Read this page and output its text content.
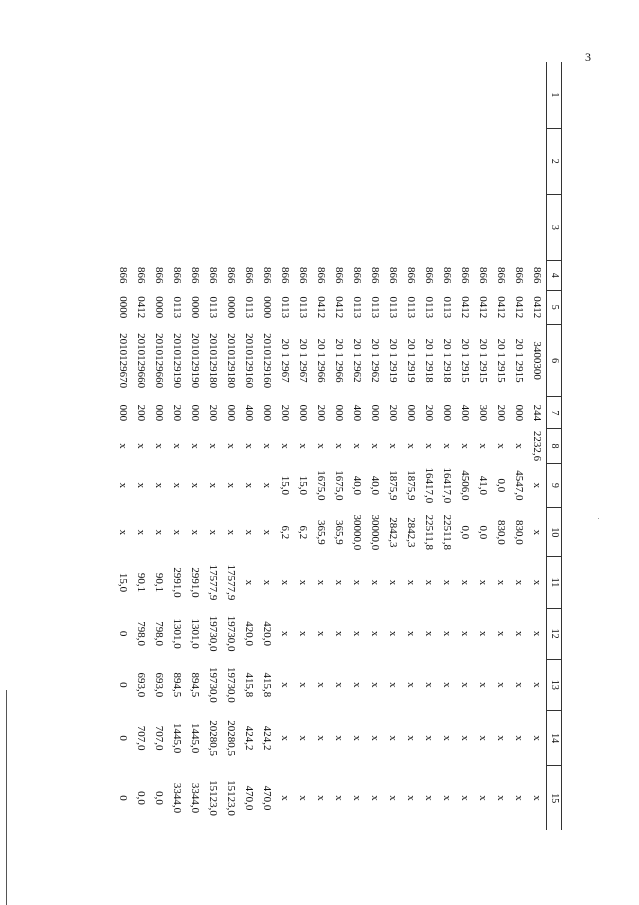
3
1	2	3	4	5	6	7	8	9	10	11	12	13	14	15
			866	0412	3400300	244	2232,6	x	x	x	x	x	x	x
			866	0412	20 1 2915	000	x	4547,0	830,0	x	x	x	x	x
			866	0412	20 1 2915	200	x	0,0	830,0	x	x	x	x	x
			866	0412	20 1 2915	300	x	41,0	0,0	x	x	x	x	x
			866	0412	20 1 2915	400	x	4506,0	0,0	x	x	x	x	x
			866	0113	20 1 2918	000	x	16417,0	22511,8	x	x	x	x	x
			866	0113	20 1 2918	200	x	16417,0	22511,8	x	x	x	x	x
			866	0113	20 1 2919	000	x	1875,9	2842,3	x	x	x	x	x
			866	0113	20 1 2919	200	x	1875,9	2842,3	x	x	x	x	x
			866	0113	20 1 2962	000	x	40,0	30000,0	x	x	x	x	x
			866	0113	20 1 2962	400	x	40,0	30000,0	x	x	x	x	x
			866	0412	20 1 2966	000	x	1675,0	365,9	x	x	x	x	x
			866	0412	20 1 2966	200	x	1675,0	365,9	x	x	x	x	x
			866	0113	20 1 2967	000	x	15,0	6,2	x	x	x	x	x
			866	0113	20 1 2967	200	x	15,0	6,2	x	x	x	x	x
			866	0000	2010129160	000	x	x	x	x	420,0	415,8	424,2	470,0
			866	0113	2010129160	400	x	x	x	x	420,0	415,8	424,2	470,0
			866	0000	2010129180	000	x	x	x	17577,9	19730,0	19730,0	20280,5	15123,0
			866	0113	2010129180	200	x	x	x	17577,9	19730,0	19730,0	20280,5	15123,0
			866	0000	2010129190	000	x	x	x	2991,0	1301,0	894,5	1445,0	3344,0
			866	0113	2010129190	200	x	x	x	2991,0	1301,0	894,5	1445,0	3344,0
			866	0000	2010129660	000	x	x	x	90,1	798,0	693,0	707,0	0,0
			866	0412	2010129660	200	x	x	x	90,1	798,0	693,0	707,0	0,0
			866	0000	2010129670	000	x	x	x	15,0	0	0	0	0
